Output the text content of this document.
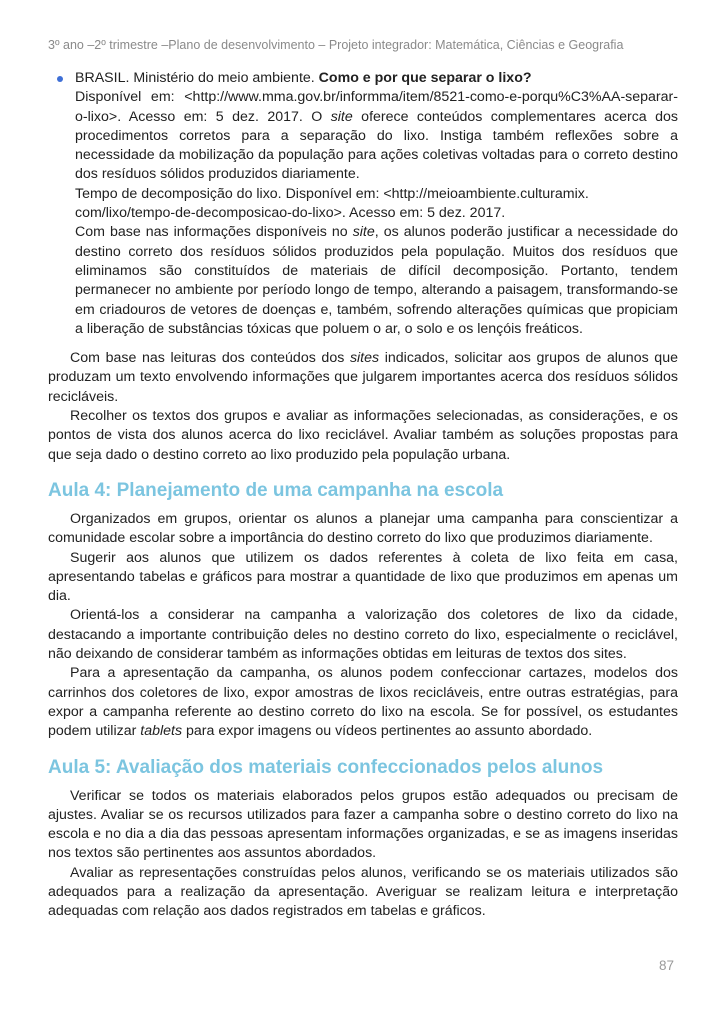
3º ano –2º trimestre –Plano de desenvolvimento – Projeto integrador: Matemática, Ciências e Geografia
BRASIL. Ministério do meio ambiente. Como e por que separar o lixo?
Disponível em: <http://www.mma.gov.br/informma/item/8521-como-e-porqu%C3%AA-separar-o-lixo>. Acesso em: 5 dez. 2017. O site oferece conteúdos complementares acerca dos procedimentos corretos para a separação do lixo. Instiga também reflexões sobre a necessidade da mobilização da população para ações coletivas voltadas para o correto destino dos resíduos sólidos produzidos diariamente.
Tempo de decomposição do lixo. Disponível em: <http://meioambiente.culturamix.
com/lixo/tempo-de-decomposicao-do-lixo>. Acesso em: 5 dez. 2017.
Com base nas informações disponíveis no site, os alunos poderão justificar a necessidade do destino correto dos resíduos sólidos produzidos pela população. Muitos dos resíduos que eliminamos são constituídos de materiais de difícil decomposição. Portanto, tendem permanecer no ambiente por período longo de tempo, alterando a paisagem, transformando-se em criadouros de vetores de doenças e, também, sofrendo alterações químicas que propiciam a liberação de substâncias tóxicas que poluem o ar, o solo e os lençóis freáticos.

Com base nas leituras dos conteúdos dos sites indicados, solicitar aos grupos de alunos que produzam um texto envolvendo informações que julgarem importantes acerca dos resíduos sólidos recicláveis.

Recolher os textos dos grupos e avaliar as informações selecionadas, as considerações, e os pontos de vista dos alunos acerca do lixo reciclável. Avaliar também as soluções propostas para que seja dado o destino correto ao lixo produzido pela população urbana.

Aula 4: Planejamento de uma campanha na escola

Organizados em grupos, orientar os alunos a planejar uma campanha para conscientizar a comunidade escolar sobre a importância do destino correto do lixo que produzimos diariamente.

Sugerir aos alunos que utilizem os dados referentes à coleta de lixo feita em casa, apresentando tabelas e gráficos para mostrar a quantidade de lixo que produzimos em apenas um dia.

Orientá-los a considerar na campanha a valorização dos coletores de lixo da cidade, destacando a importante contribuição deles no destino correto do lixo, especialmente o reciclável, não deixando de considerar também as informações obtidas em leituras de textos dos sites.

Para a apresentação da campanha, os alunos podem confeccionar cartazes, modelos dos carrinhos dos coletores de lixo, expor amostras de lixos recicláveis, entre outras estratégias, para expor a campanha referente ao destino correto do lixo na escola. Se for possível, os estudantes podem utilizar tablets para expor imagens ou vídeos pertinentes ao assunto abordado.

Aula 5: Avaliação dos materiais confeccionados pelos alunos

Verificar se todos os materiais elaborados pelos grupos estão adequados ou precisam de ajustes. Avaliar se os recursos utilizados para fazer a campanha sobre o destino correto do lixo na escola e no dia a dia das pessoas apresentam informações organizadas, e se as imagens inseridas nos textos são pertinentes aos assuntos abordados.

Avaliar as representações construídas pelos alunos, verificando se os materiais utilizados são adequados para a realização da apresentação. Averiguar se realizam leitura e interpretação adequadas com relação aos dados registrados em tabelas e gráficos.

87
